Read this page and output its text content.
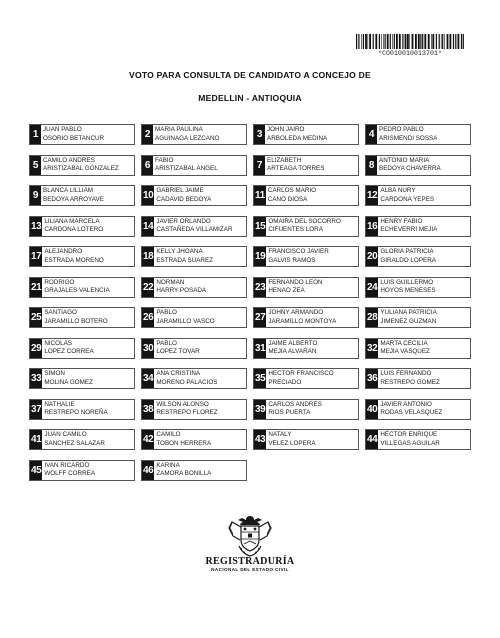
*CO010010013701*
VOTO PARA CONSULTA DE CANDIDATO A CONCEJO DE
MEDELLIN - ANTIOQUIA
1 JUAN PABLO
OSORIO BETANCUR	2 MARIA PAULINA
AGUINAGA LEZCANO	3 JOHN JAIRO
ARBOLEDA MEDINA	4 PEDRO PABLO
ARISMENDI SOSSA
5 CAMILO ANDRES
ARISTIZABAL GONZALEZ	6 FABIO
ARISTIZABAL ANGEL	7 ELIZABETH
ARTEAGA TORRES	8 ANTONIO MARIA
BEDOYA CHAVERRA
9 BLANCA LILLIAM
BEDOYA ARROYAVE	10 GABRIEL JAIME
CADAVID BEDOYA	11 CARLOS MARIO
CANO DIOSA	12 ALBA NURY
CARDONA YEPES
13 LILIANA MARCELA
CARDONA LOTERO	14 JAVIER ORLANDO
CASTAÑEDA VILLAMIZAR 15 OMAIRA DEL SOCORRO
CIFUENTES LORA	16 HENRY FABIO
ECHEVERRI MEJIA
17 ALEJANDRO
ESTRADA MORENO	18 KELLY JHOANA
ESTRADA SUAREZ	19 FRANCISCO JAVIER
GALVIS RAMOS	20 GLORIA PATRICIA
GIRALDO LOPERA
21 RODRIGO
GRAJALES VALENCIA	22 NORMAN
HARRY POSADA	23 FERNANDO LEON
HENAO ZEA	24 LUIS GUILLERMO
HOYOS MENESES
25 SANTIAGO
JARAMILLO BOTERO	26 PABLO
JARAMILLO VASCO	27 JOHNY ARMANDO
JARAMILLO MONTOYA	28 YULIANA PATRICIA
JIMENEZ GUZMAN
29 NICOLAS
LOPEZ CORREA	30 PABLO
LOPEZ TOVAR	31 JAIME ALBERTO
MEJIA ALVARAN	32 MARTA CECILIA
MEJIA VASQUEZ
33 SIMON
MOLINA GOMEZ	34 ANA CRISTINA
MORENO PALACIOS	35 HECTOR FRANCISCO
PRECIADO	36 LUIS FERNANDO
RESTREPO GOMEZ
37 NATHALIE
RESTREPO NOREÑA	38 WILSON ALONSO
RESTREPO FLOREZ	39 CARLOS ANDRES
RIOS PUERTA	40 JAVIER ANTONIO
RODAS VELASQUEZ
41 JUAN CAMILO
SANCHEZ SALAZAR	42 CAMILO
TOBON HERRERA	43 NATALY
VELEZ LOPERA	44 HÉCTOR ENRIQUE
VILLEGAS AGUILAR
45 IVAN RICARDO
WOLFF CORREA	46 KARINA
ZAMORA BONILLA
REGISTRADURÍA
NACIONAL DEL ESTADO CIVIL
